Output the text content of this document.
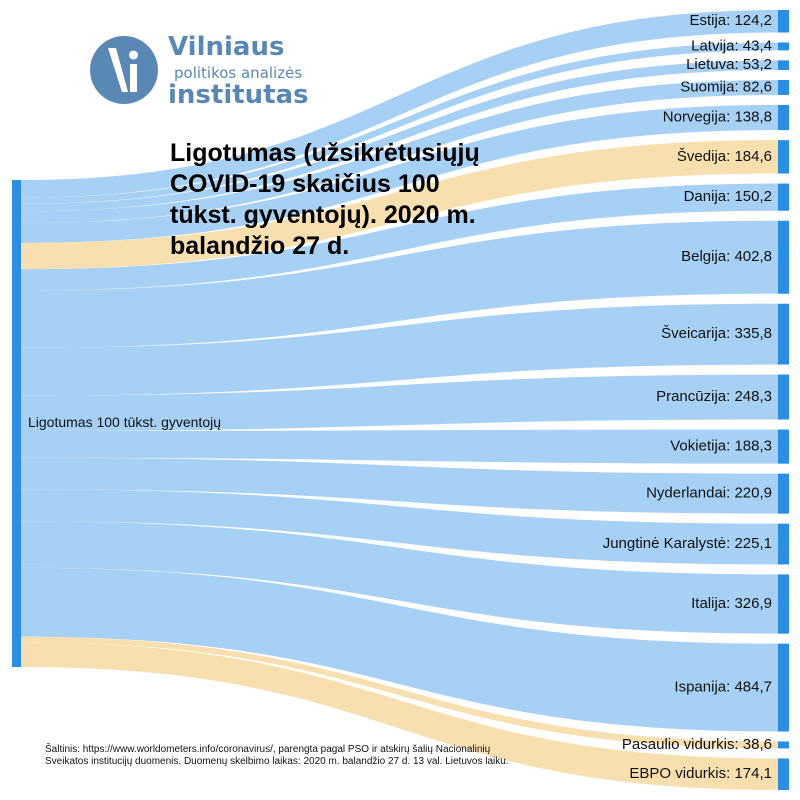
Estija: 124,2
Latvija: 43,4
Lietuva: 53,2
Suomija: 82,6
Norvegija: 138,8
Švedija: 184,6
Danija: 150,2
Belgija: 402,8
Šveicarija: 335,8
Prancūzija: 248,3
Vokietija: 188,3
Nyderlandai: 220,9
Jungtinė Karalystė: 225,1
Italija: 326,9
Ispanija: 484,7
Pasaulio vidurkis: 38,6
EBPO vidurkis: 174,1
Ligotumas 100 tūkst. gyventojų
Vilniaus
politikos analizės
institutas
Ligotumas (užsikrėtusiųjų COVID-19 skaičius 100 tūkst. gyventojų). 2020 m. balandžio 27 d.
Šaltinis: https://www.worldometers.info/coronavirus/, parengta pagal PSO ir atskirų šalių Nacionalinių
Sveikatos institucijų duomenis. Duomenų skelbimo laikas: 2020 m. balandžio 27 d. 13 val. Lietuvos laiku.
